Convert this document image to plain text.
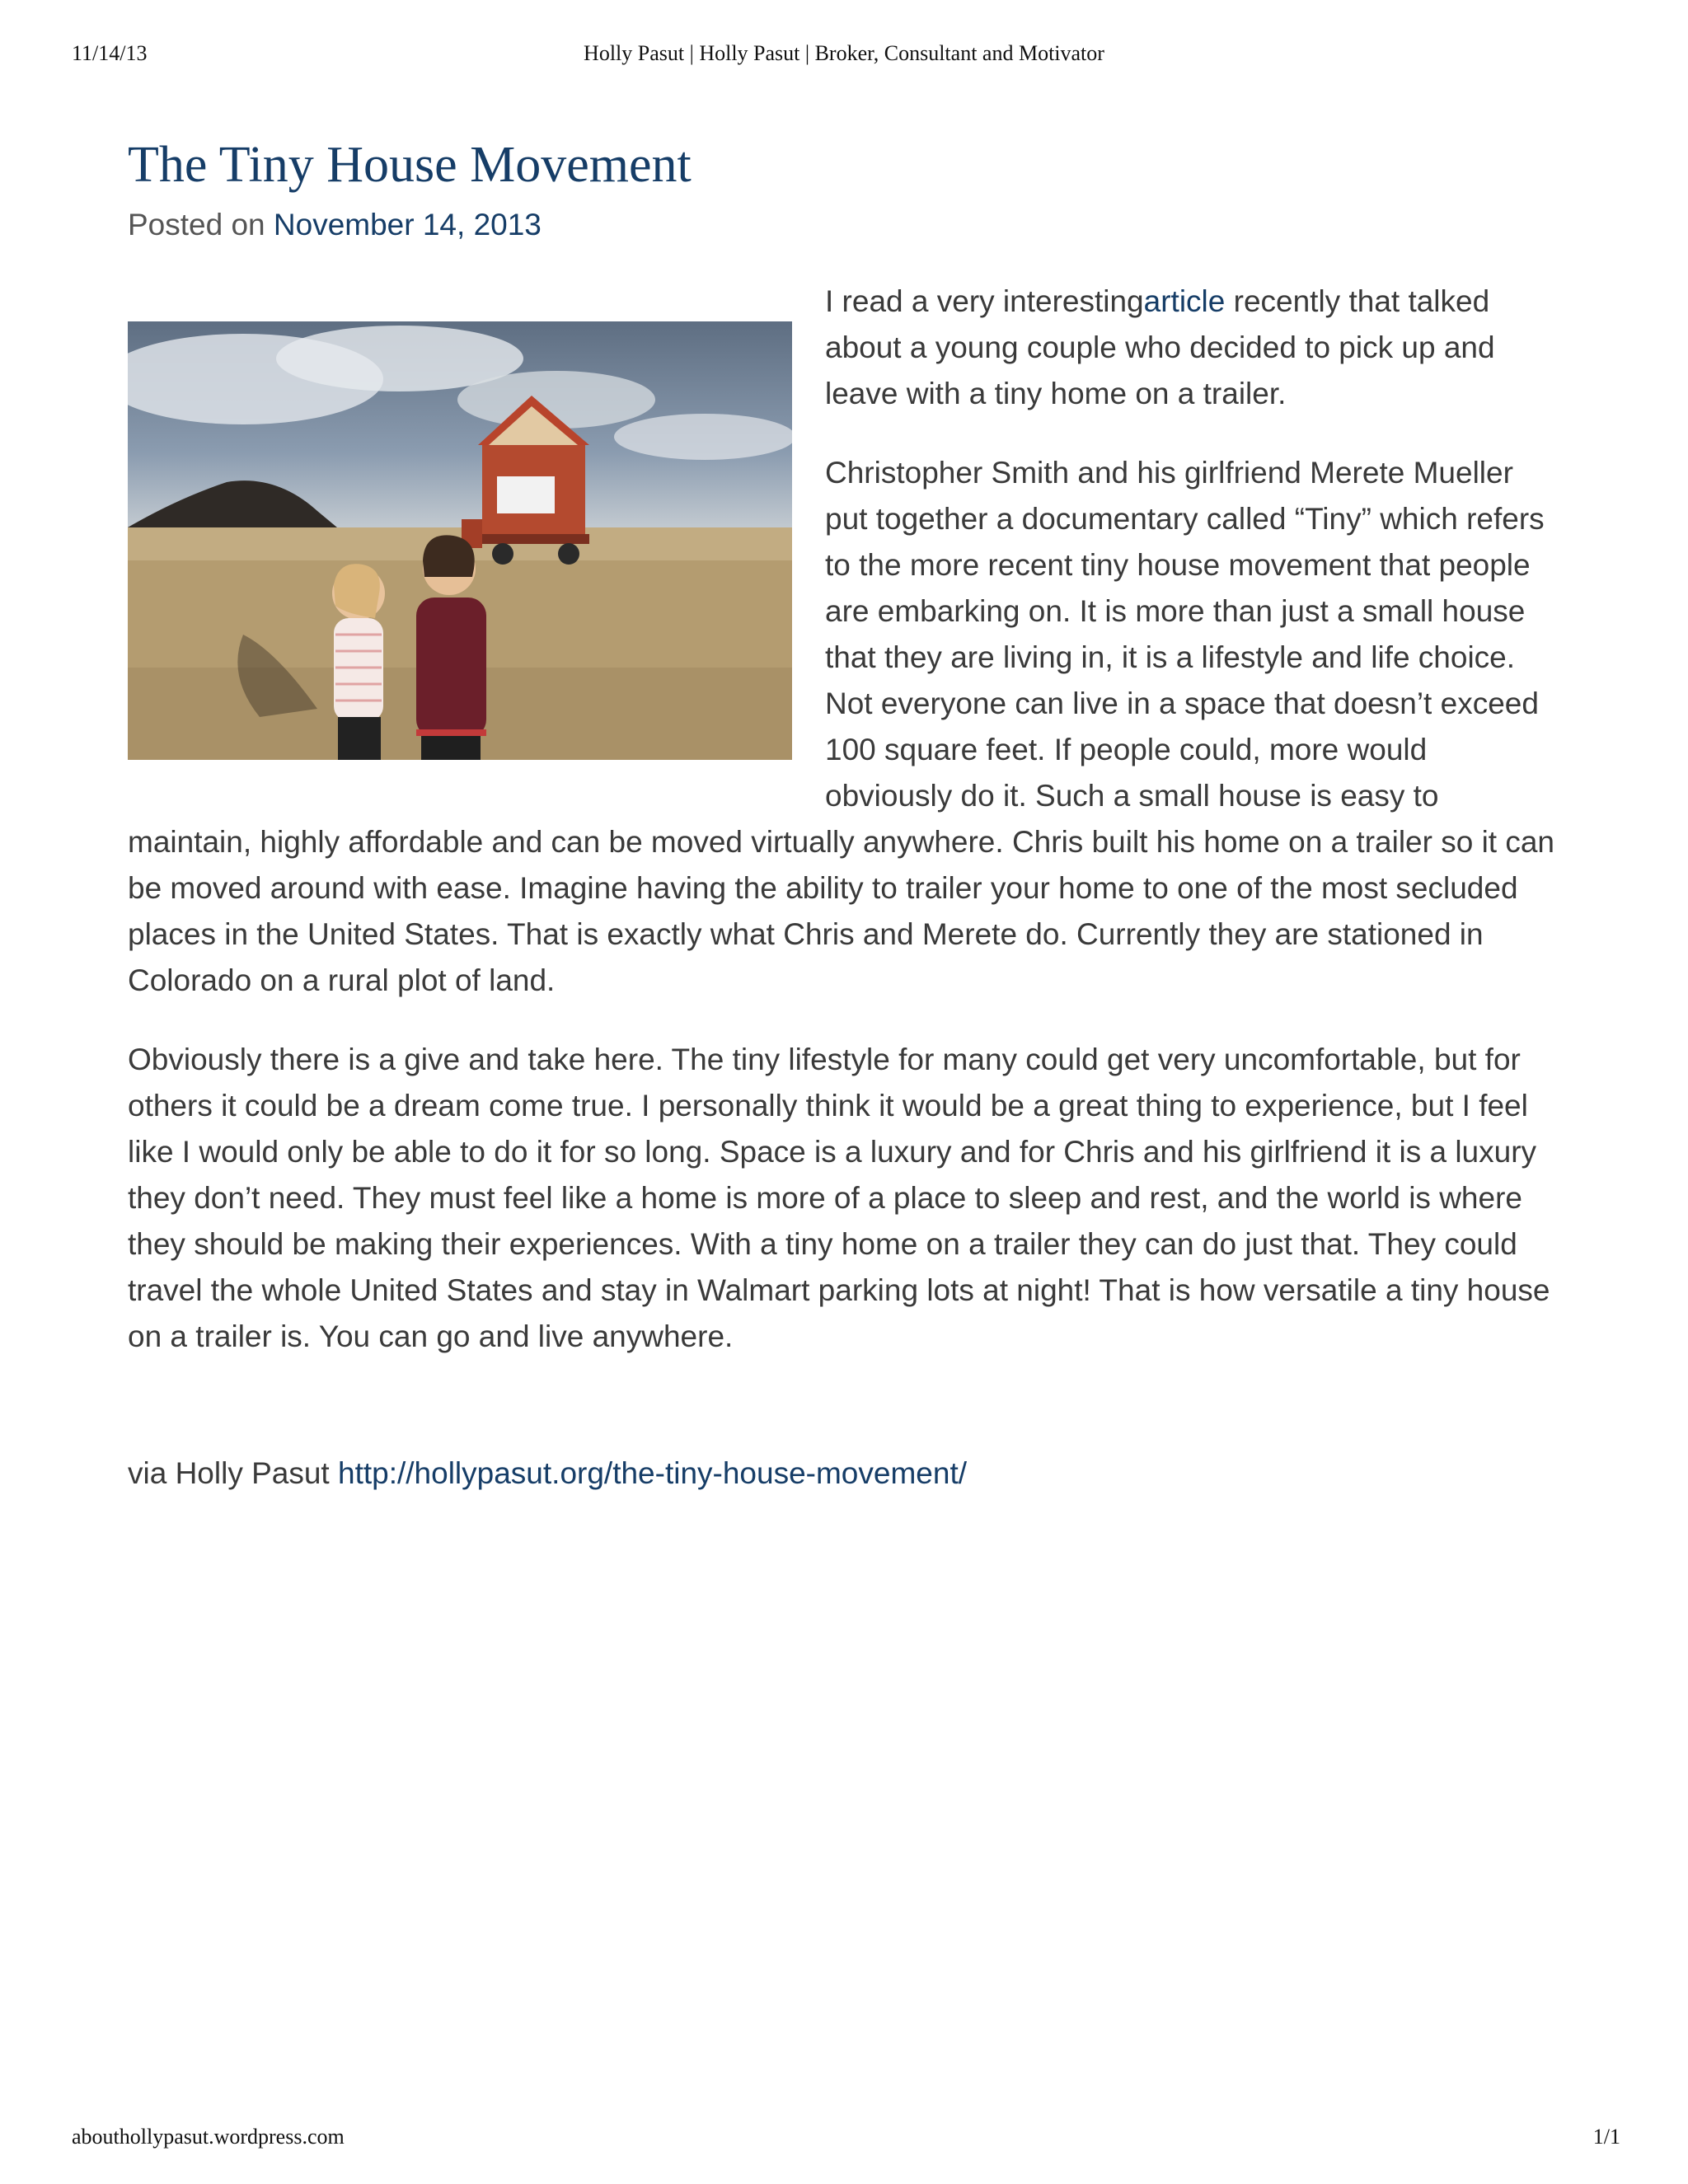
11/14/13	Holly Pasut | Holly Pasut | Broker, Consultant and Motivator
The Tiny House Movement

Posted on November 14, 2013

I read a very interestingarticle recently that talked about a young couple who decided to pick up and leave with a tiny home on a trailer.

Christopher Smith and his girlfriend Merete Mueller put together a documentary called “Tiny” which refers to the more recent tiny house movement that people are embarking on. It is more than just a small house that they are living in, it is a lifestyle and life choice. Not everyone can live in a space that doesn’t exceed 100 square feet. If people could, more would obviously do it. Such a small house is easy to maintain, highly affordable and can be moved virtually anywhere. Chris built his home on a trailer so it can be moved around with ease. Imagine having the ability to trailer your home to one of the most secluded places in the United States. That is exactly what Chris and Merete do. Currently they are stationed in Colorado on a rural plot of land.

Obviously there is a give and take here. The tiny lifestyle for many could get very uncomfortable, but for others it could be a dream come true. I personally think it would be a great thing to experience, but I feel like I would only be able to do it for so long. Space is a luxury and for Chris and his girlfriend it is a luxury they don’t need. They must feel like a home is more of a place to sleep and rest, and the world is where they should be making their experiences. With a tiny home on a trailer they can do just that. They could travel the whole United States and stay in Walmart parking lots at night! That is how versatile a tiny house on a trailer is. You can go and live anywhere.

via Holly Pasut http://hollypasut.org/the-tiny-house-movement/
abouthollypasut.wordpress.com	1/1
